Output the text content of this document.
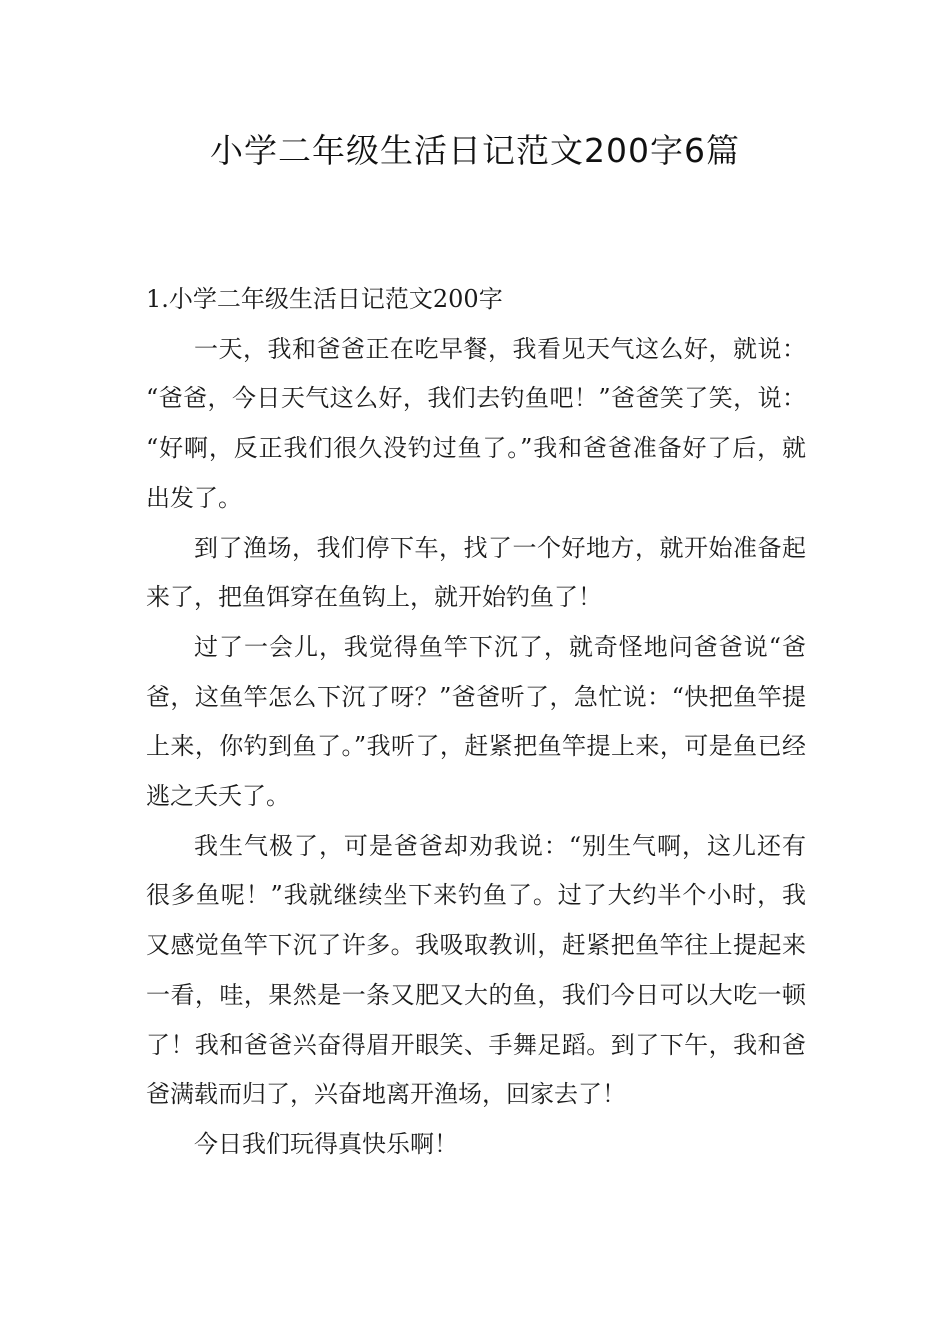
小学二年级生活日记范文200字6篇
1.小学二年级生活日记范文200字

一天，我和爸爸正在吃早餐，我看见天气这么好，就说：“爸爸，今日天气这么好，我们去钓鱼吧！”爸爸笑了笑，说：“好啊，反正我们很久没钓过鱼了。”我和爸爸准备好了后，就出发了。

到了渔场，我们停下车，找了一个好地方，就开始准备起来了，把鱼饵穿在鱼钩上，就开始钓鱼了！

过了一会儿，我觉得鱼竿下沉了，就奇怪地问爸爸说“爸爸，这鱼竿怎么下沉了呀？”爸爸听了，急忙说：“快把鱼竿提上来，你钓到鱼了。”我听了，赶紧把鱼竿提上来，可是鱼已经逃之夭夭了。

我生气极了，可是爸爸却劝我说：“别生气啊，这儿还有很多鱼呢！”我就继续坐下来钓鱼了。过了大约半个小时，我又感觉鱼竿下沉了许多。我吸取教训，赶紧把鱼竿往上提起来一看，哇，果然是一条又肥又大的鱼，我们今日可以大吃一顿了！我和爸爸兴奋得眉开眼笑、手舞足蹈。到了下午，我和爸爸满载而归了，兴奋地离开渔场，回家去了！

今日我们玩得真快乐啊！
